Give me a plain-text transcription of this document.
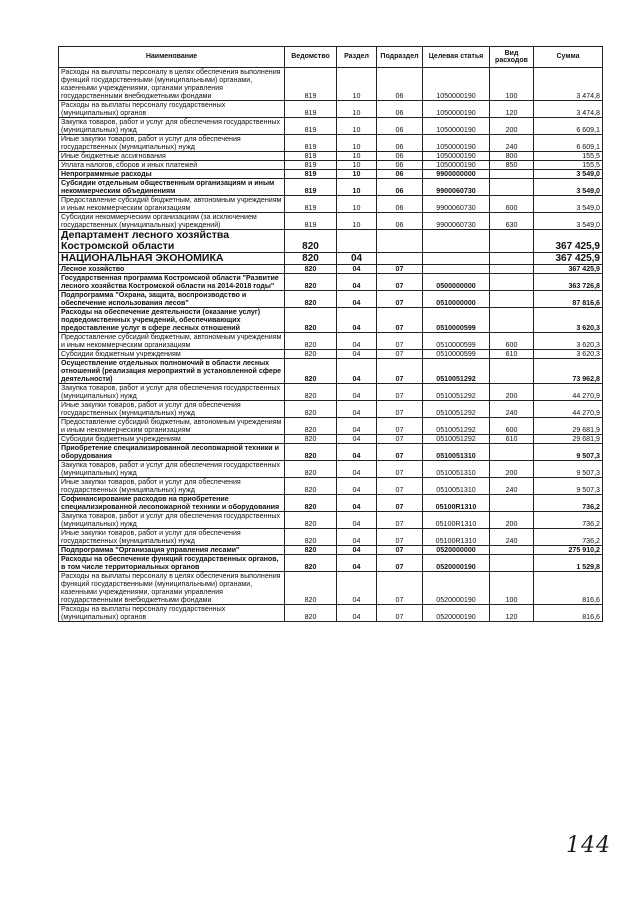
Наименование	Ведомство	Раздел	Подраздел	Целевая статья	Вид расходов	Сумма
Расходы на выплаты персоналу в целях обеспечения выполнения функций государственными (муниципальными) органами, казенными учреждениями, органами управления государственными внебюджетными фондами	819	10	06	1050000190	100	3 474,8
Расходы на выплаты персоналу государственных (муниципальных) органов	819	10	06	1050000190	120	3 474,8
Закупка товаров, работ и услуг для обеспечения государственных (муниципальных) нужд	819	10	06	1050000190	200	6 609,1
Иные закупки товаров, работ и услуг для обеспечения государственных (муниципальных) нужд	819	10	06	1050000190	240	6 609,1
Иные бюджетные ассигнования	819	10	06	1050000190	800	155,5
Уплата налогов, сборов и иных платежей	819	10	06	1050000190	850	155,5
Непрограммные расходы	819	10	06	9900000000		3 549,0
Субсидии отдельным общественным организациям и иным некоммерческим объединениям	819	10	06	9900060730		3 549,0
Предоставление субсидий бюджетным, автономным учреждениям и иным некоммерческим организациям	819	10	06	9900060730	600	3 549,0
Субсидии некоммерческим организациям (за исключением государственных (муниципальных) учреждений)	819	10	06	9900060730	630	3 549,0
Департамент лесного хозяйства Костромской области	820					367 425,9
НАЦИОНАЛЬНАЯ ЭКОНОМИКА	820	04				367 425,9
Лесное хозяйство	820	04	07			367 425,9
Государственная программа Костромской области "Развитие лесного хозяйства Костромской области на 2014-2018 годы"	820	04	07	0500000000		363 726,8
Подпрограмма "Охрана, защита, воспроизводство и обеспечение использования лесов"	820	04	07	0510000000		87 816,6
Расходы на обеспечение деятельности (оказание услуг) подведомственных учреждений, обеспечивающих предоставление услуг в сфере лесных отношений	820	04	07	0510000599		3 620,3
Предоставление субсидий бюджетным, автономным учреждениям и иным некоммерческим организациям	820	04	07	0510000599	600	3 620,3
Субсидии бюджетным учреждениям	820	04	07	0510000599	610	3 620,3
Осуществление отдельных полномочий в области лесных отношений (реализация мероприятий в установленной сфере деятельности)	820	04	07	0510051292		73 962,8
Закупка товаров, работ и услуг для обеспечения государственных (муниципальных) нужд	820	04	07	0510051292	200	44 270,9
Иные закупки товаров, работ и услуг для обеспечения государственных (муниципальных) нужд	820	04	07	0510051292	240	44 270,9
Предоставление субсидий бюджетным, автономным учреждениям и иным некоммерческим организациям	820	04	07	0510051292	600	29 681,9
Субсидии бюджетным учреждениям	820	04	07	0510051292	610	29 681,9
Приобретение специализированной лесопожарной техники и оборудования	820	04	07	0510051310		9 507,3
Закупка товаров, работ и услуг для обеспечения государственных (муниципальных) нужд	820	04	07	0510051310	200	9 507,3
Иные закупки товаров, работ и услуг для обеспечения государственных (муниципальных) нужд	820	04	07	0510051310	240	9 507,3
Софинансирование расходов на приобретение специализированной лесопожарной техники и оборудования	820	04	07	05100R1310		736,2
Закупка товаров, работ и услуг для обеспечения государственных (муниципальных) нужд	820	04	07	05100R1310	200	736,2
Иные закупки товаров, работ и услуг для обеспечения государственных (муниципальных) нужд	820	04	07	05100R1310	240	736,2
Подпрограмма "Организация управления лесами"	820	04	07	0520000000		275 910,2
Расходы на обеспечение функций государственных органов, в том числе территориальных органов	820	04	07	0520000190		1 529,8
Расходы на выплаты персоналу в целях обеспечения выполнения функций государственными (муниципальными) органами, казенными учреждениями, органами управления государственными внебюджетными фондами	820	04	07	0520000190	100	816,6
Расходы на выплаты персоналу государственных (муниципальных) органов	820	04	07	0520000190	120	816,6
144
